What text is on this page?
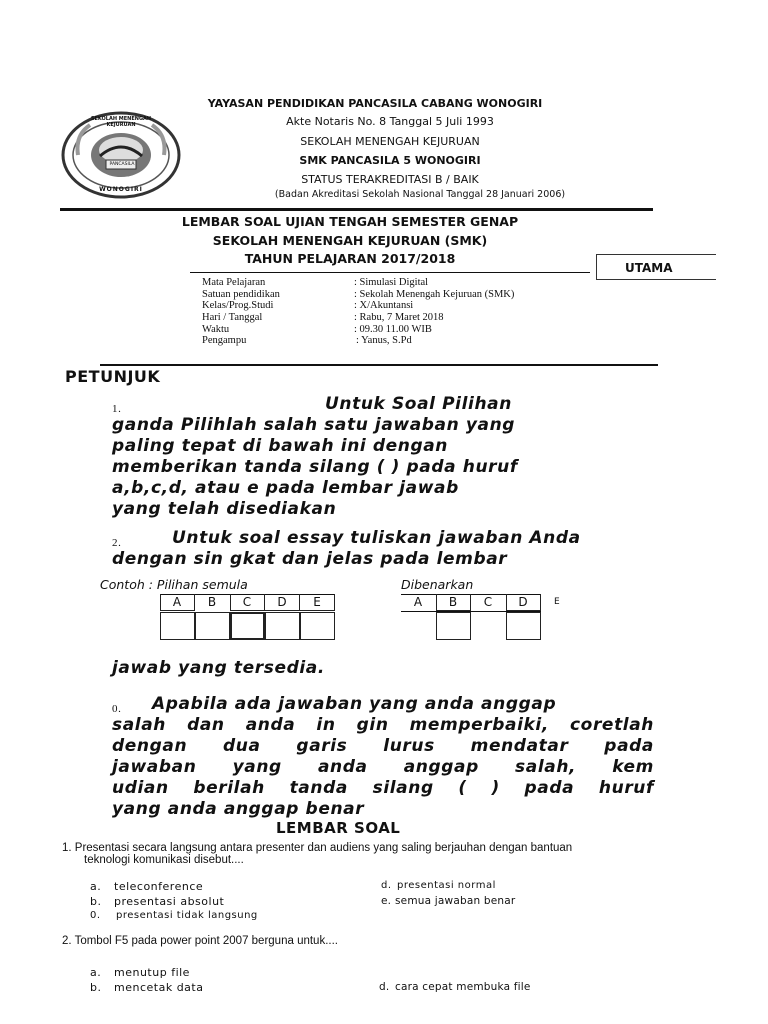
PANCASILA
SEKOLAH MENENGAH KEJURUAN
WONOGIRI
YAYASAN PENDIDIKAN PANCASILA CABANG WONOGIRI
Akte Notaris No. 8 Tanggal 5 Juli 1993
SEKOLAH MENENGAH KEJURUAN
SMK PANCASILA 5 WONOGIRI
STATUS TERAKREDITASI B / BAIK
(Badan Akreditasi Sekolah Nasional Tanggal 28 Januari 2006)
LEMBAR SOAL UJIAN TENGAH SEMESTER GENAP
SEKOLAH MENENGAH KEJURUAN (SMK)
TAHUN PELAJARAN 2017/2018
UTAMA
Mata Pelajaran	: Simulasi Digital
Satuan pendidikan	: Sekolah Menengah Kejuruan (SMK)
Kelas/Prog.Studi	: X/Akuntansi
Hari / Tanggal	: Rabu, 7 Maret 2018
Waktu	: 09.30 11.00 WIB
Pengampu	: Yanus, S.Pd
PETUNJUK
1.	Untuk Soal Pilihan
ganda Pilihlah salah satu jawaban yang
paling tepat di bawah ini dengan
memberikan tanda silang ( ) pada huruf
a,b,c,d, atau e pada lembar jawab
yang telah disediakan
2.	Untuk soal essay tuliskan jawaban Anda
dengan sin gkat dan jelas pada lembar
Contoh : Pilihan semula	Dibenarkan
A	B	C	D	E	A	B	C	D	E
jawab yang tersedia.
0. Apabila ada jawaban yang anda anggap
salah dan anda in gin memperbaiki, coretlah
dengan dua garis lurus mendatar pada
jawaban yang anda anggap salah, kem
udian berilah tanda silang ( ) pada huruf
yang anda anggap benar
LEMBAR SOAL
1. Presentasi secara langsung antara presenter dan audiens yang saling berjauhan dengan bantuan
teknologi komunikasi disebut....
a. teleconference
b. presentasi absolut
0. presentasi tidak langsung
d. presentasi normal
e. semua jawaban benar
2. Tombol F5 pada power point 2007 berguna untuk....
a. menutup file
b. mencetak data	d. cara cepat membuka file
